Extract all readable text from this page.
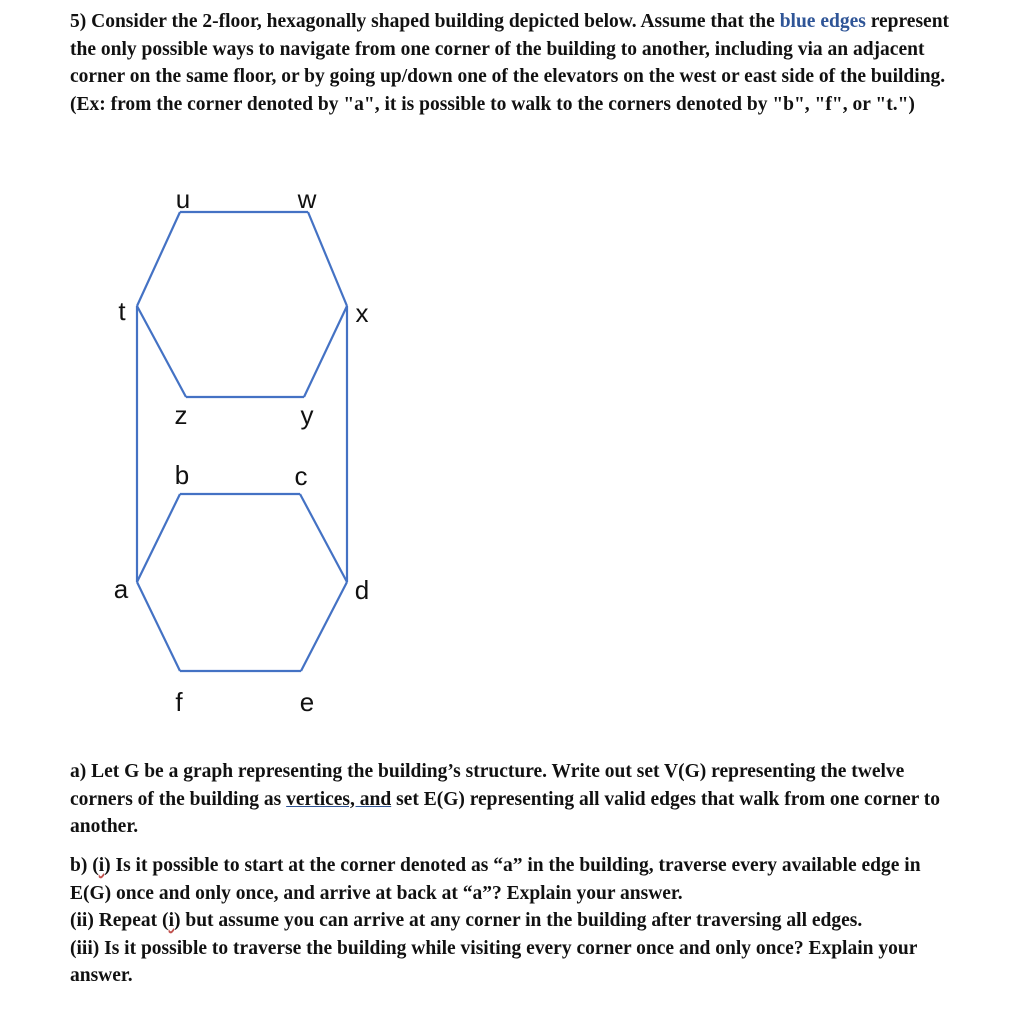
5) Consider the 2-floor, hexagonally shaped building depicted below. Assume that the blue edges represent the only possible ways to navigate from one corner of the building to another, including via an adjacent corner on the same floor, or by going up/down one of the elevators on the west or east side of the building. (Ex: from the corner denoted by "a", it is possible to walk to the corners denoted by "b", "f", or "t.")
u	w
t	x
z	y
b	c
a	d
f	e
a) Let G be a graph representing the building’s structure. Write out set V(G) representing the twelve corners of the building as vertices, and set E(G) representing all valid edges that walk from one corner to another.
b) (i) Is it possible to start at the corner denoted as “a” in the building, traverse every available edge in E(G) once and only once, and arrive at back at “a”? Explain your answer.
(ii) Repeat (i) but assume you can arrive at any corner in the building after traversing all edges.
(iii) Is it possible to traverse the building while visiting every corner once and only once? Explain your answer.
